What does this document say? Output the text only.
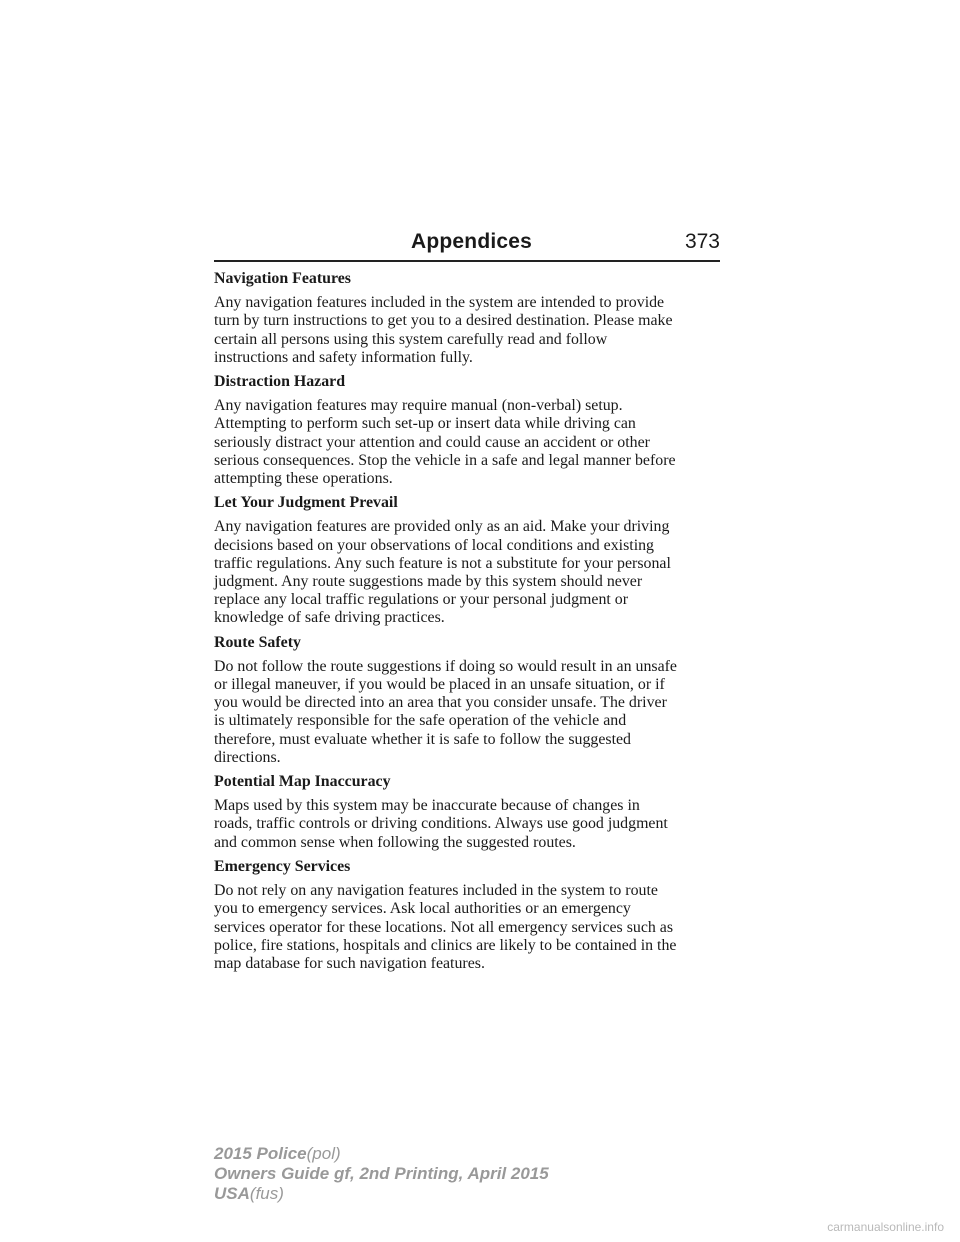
Appendices	373
Navigation Features
Any navigation features included in the system are intended to provide
turn by turn instructions to get you to a desired destination. Please make
certain all persons using this system carefully read and follow
instructions and safety information fully.
Distraction Hazard
Any navigation features may require manual (non-verbal) setup.
Attempting to perform such set-up or insert data while driving can
seriously distract your attention and could cause an accident or other
serious consequences. Stop the vehicle in a safe and legal manner before
attempting these operations.
Let Your Judgment Prevail
Any navigation features are provided only as an aid. Make your driving
decisions based on your observations of local conditions and existing
traffic regulations. Any such feature is not a substitute for your personal
judgment. Any route suggestions made by this system should never
replace any local traffic regulations or your personal judgment or
knowledge of safe driving practices.
Route Safety
Do not follow the route suggestions if doing so would result in an unsafe
or illegal maneuver, if you would be placed in an unsafe situation, or if
you would be directed into an area that you consider unsafe. The driver
is ultimately responsible for the safe operation of the vehicle and
therefore, must evaluate whether it is safe to follow the suggested
directions.
Potential Map Inaccuracy
Maps used by this system may be inaccurate because of changes in
roads, traffic controls or driving conditions. Always use good judgment
and common sense when following the suggested routes.
Emergency Services
Do not rely on any navigation features included in the system to route
you to emergency services. Ask local authorities or an emergency
services operator for these locations. Not all emergency services such as
police, fire stations, hospitals and clinics are likely to be contained in the
map database for such navigation features.
2015 Police(pol)
Owners Guide gf, 2nd Printing, April 2015
USA(fus)
carmanualsonline.info
